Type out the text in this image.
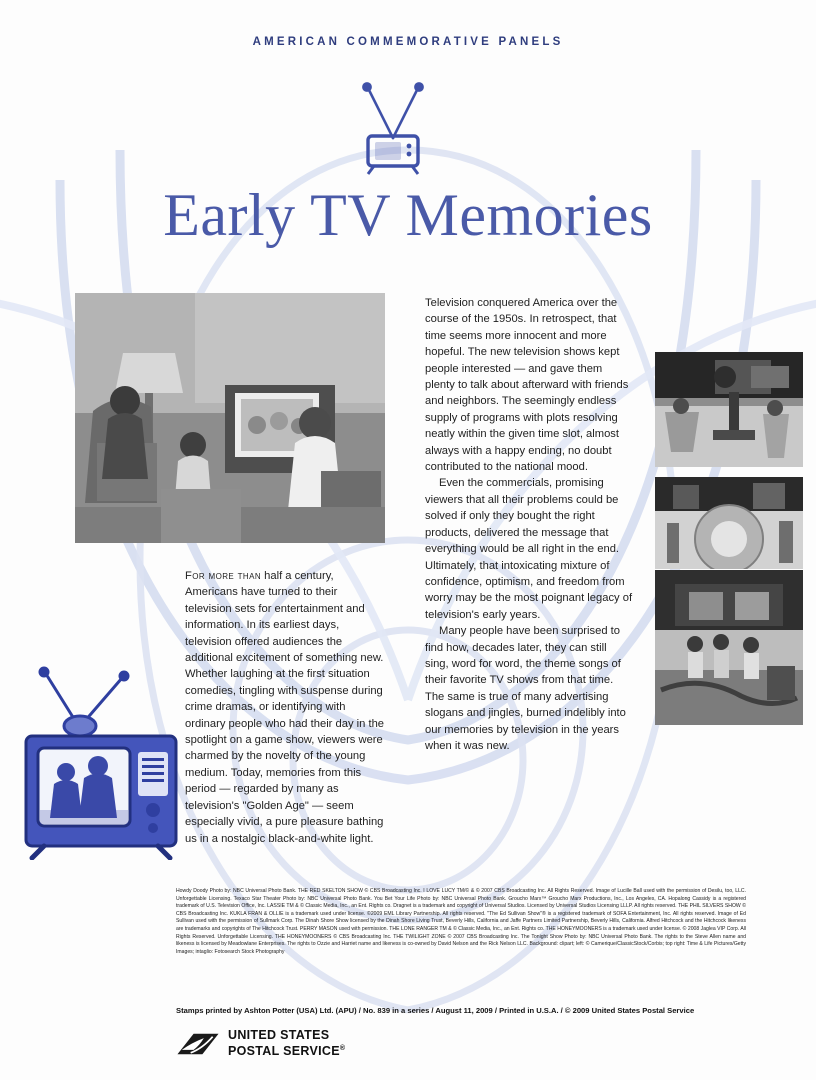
AMERICAN COMMEMORATIVE PANELS
Early TV Memories

Television conquered America over the course of the 1950s. In retrospect, that time seems more innocent and more hopeful. The new television shows kept people interested — and gave them plenty to talk about afterward with friends and neighbors. The seemingly endless supply of programs with plots resolving neatly within the given time slot, almost always with a happy ending, no doubt contributed to the national mood.

Even the commercials, promising viewers that all their problems could be solved if only they bought the right products, delivered the message that everything would be all right in the end. Ultimately, that intoxicating mixture of confidence, optimism, and freedom from worry may be the most poignant legacy of television's early years.

Many people have been surprised to find how, decades later, they can still sing, word for word, the theme songs of their favorite TV shows from that time. The same is true of many advertising slogans and jingles, burned indelibly into our memories by television in the years when it was new.

For more than half a century, Americans have turned to their television sets for entertainment and information. In its earliest days, television offered audiences the additional excitement of something new. Whether laughing at the first situation comedies, tingling with suspense during crime dramas, or identifying with ordinary people who had their day in the spotlight on a game show, viewers were charmed by the novelty of the young medium. Today, memories from this period — regarded by many as television's "Golden Age" — seem especially vivid, a pure pleasure bathing us in a nostalgic black-and-white light.

Howdy Doody Photo by: NBC Universal Photo Bank. THE RED SKELTON SHOW © CBS Broadcasting Inc. I LOVE LUCY TM/© & © 2007 CBS Broadcasting Inc. All Rights Reserved. Image of Lucille Ball used with the permission of Desilu, too, LLC. Unforgettable Licensing. Texaco Star Theater Photo by: NBC Universal Photo Bank. You Bet Your Life Photo by: NBC Universal Photo Bank. Groucho Marx™ Groucho Marx Productions, Inc., Los Angeles, CA. Hopalong Cassidy is a registered trademark of U.S. Television Office, Inc. LASSIE TM & © Classic Media, Inc., an Ent. Rights co. Dragnet is a trademark and copyright of Universal Studios. Licensed by Universal Studios Licensing LLLP. All rights reserved. THE PHIL SILVERS SHOW © CBS Broadcasting Inc. KUKLA FRAN & OLLIE is a trademark used under license. ©2009 EML Library Partnership. All rights reserved. "The Ed Sullivan Show"® is a registered trademark of SOFA Entertainment, Inc. All rights reserved. Image of Ed Sullivan used with the permission of Sullmark Corp. The Dinah Shore Show licensed by the Dinah Shore Living Trust, Beverly Hills, California and Jaffe Partners Limited Partnership, Beverly Hills, California. Alfred Hitchcock and the Hitchcock likeness are trademarks and copyrights of The Hitchcock Trust. PERRY MASON used with permission. THE LONE RANGER TM & © Classic Media, Inc., an Ent. Rights co. THE HONEYMOONERS is a trademark used under license. © 2008 Jaglea VIP Corp. All Rights Reserved. Unforgettable Licensing. THE HONEYMOONERS © CBS Broadcasting Inc. THE TWILIGHT ZONE © 2007 CBS Broadcasting Inc. The Tonight Show Photo by: NBC Universal Photo Bank. The rights to the Steve Allen name and likeness is licensed by Meadowlane Enterprises. The rights to Ozzie and Harriet name and likeness is co-owned by David Nelson and the Rick Nelson LLC. Background: clipart; left: © Camerique/ClassicStock/Corbis; top right: Time & Life Pictures/Getty Images; intaglio: Fotosearch Stock Photography
Stamps printed by Ashton Potter (USA) Ltd. (APU) / No. 839 in a series / August 11, 2009 / Printed in U.S.A. / © 2009 United States Postal Service
UNITED STATES
POSTAL SERVICE®
